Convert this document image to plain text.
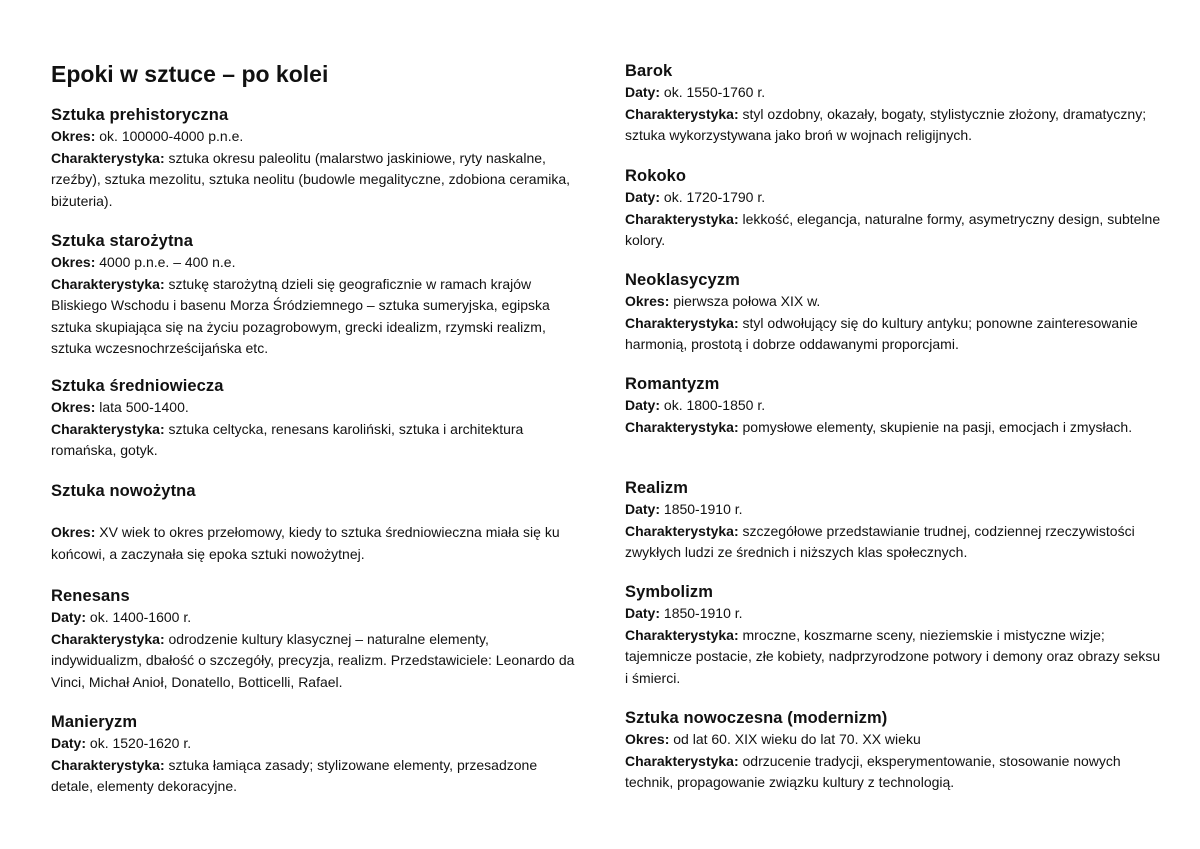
Epoki w sztuce – po kolei
Sztuka prehistoryczna

Okres: ok. 100000-4000 p.n.e.

Charakterystyka: sztuka okresu paleolitu (malarstwo jaskiniowe, ryty naskalne, rzeźby), sztuka mezolitu, sztuka neolitu (budowle megalityczne, zdobiona ceramika, biżuteria).

Sztuka starożytna

Okres: 4000 p.n.e. – 400 n.e.

Charakterystyka: sztukę starożytną dzieli się geograficznie w ramach krajów Bliskiego Wschodu i basenu Morza Śródziemnego – sztuka sumeryjska, egipska sztuka skupiająca się na życiu pozagrobowym, grecki idealizm, rzymski realizm, sztuka wczesnochrześcijańska etc.

Sztuka średniowiecza

Okres: lata 500-1400.

Charakterystyka: sztuka celtycka, renesans karoliński, sztuka i architektura romańska, gotyk.

Sztuka nowożytna

Okres: XV wiek to okres przełomowy, kiedy to sztuka średniowieczna miała się ku końcowi, a zaczynała się epoka sztuki nowożytnej.

Renesans

Daty: ok. 1400-1600 r.

Charakterystyka: odrodzenie kultury klasycznej – naturalne elementy, indywidualizm, dbałość o szczegóły, precyzja, realizm. Przedstawiciele: Leonardo da Vinci, Michał Anioł, Donatello, Botticelli, Rafael.

Manieryzm

Daty: ok. 1520-1620 r.

Charakterystyka: sztuka łamiąca zasady; stylizowane elementy, przesadzone detale, elementy dekoracyjne.

Barok

Daty: ok. 1550-1760 r.

Charakterystyka: styl ozdobny, okazały, bogaty, stylistycznie złożony, dramatyczny; sztuka wykorzystywana jako broń w wojnach religijnych.

Rokoko

Daty: ok. 1720-1790 r.

Charakterystyka: lekkość, elegancja, naturalne formy, asymetryczny design, subtelne kolory.

Neoklasycyzm

Okres: pierwsza połowa XIX w.

Charakterystyka: styl odwołujący się do kultury antyku; ponowne zainteresowanie harmonią, prostotą i dobrze oddawanymi proporcjami.

Romantyzm

Daty: ok. 1800-1850 r.

Charakterystyka: pomysłowe elementy, skupienie na pasji, emocjach i zmysłach.

Realizm

Daty: 1850-1910 r.

Charakterystyka: szczegółowe przedstawianie trudnej, codziennej rzeczywistości zwykłych ludzi ze średnich i niższych klas społecznych.

Symbolizm

Daty: 1850-1910 r.

Charakterystyka: mroczne, koszmarne sceny, nieziemskie i mistyczne wizje; tajemnicze postacie, złe kobiety, nadprzyrodzone potwory i demony oraz obrazy seksu i śmierci.

Sztuka nowoczesna (modernizm)

Okres: od lat 60. XIX wieku do lat 70. XX wieku

Charakterystyka: odrzucenie tradycji, eksperymentowanie, stosowanie nowych technik, propagowanie związku kultury z technologią.
